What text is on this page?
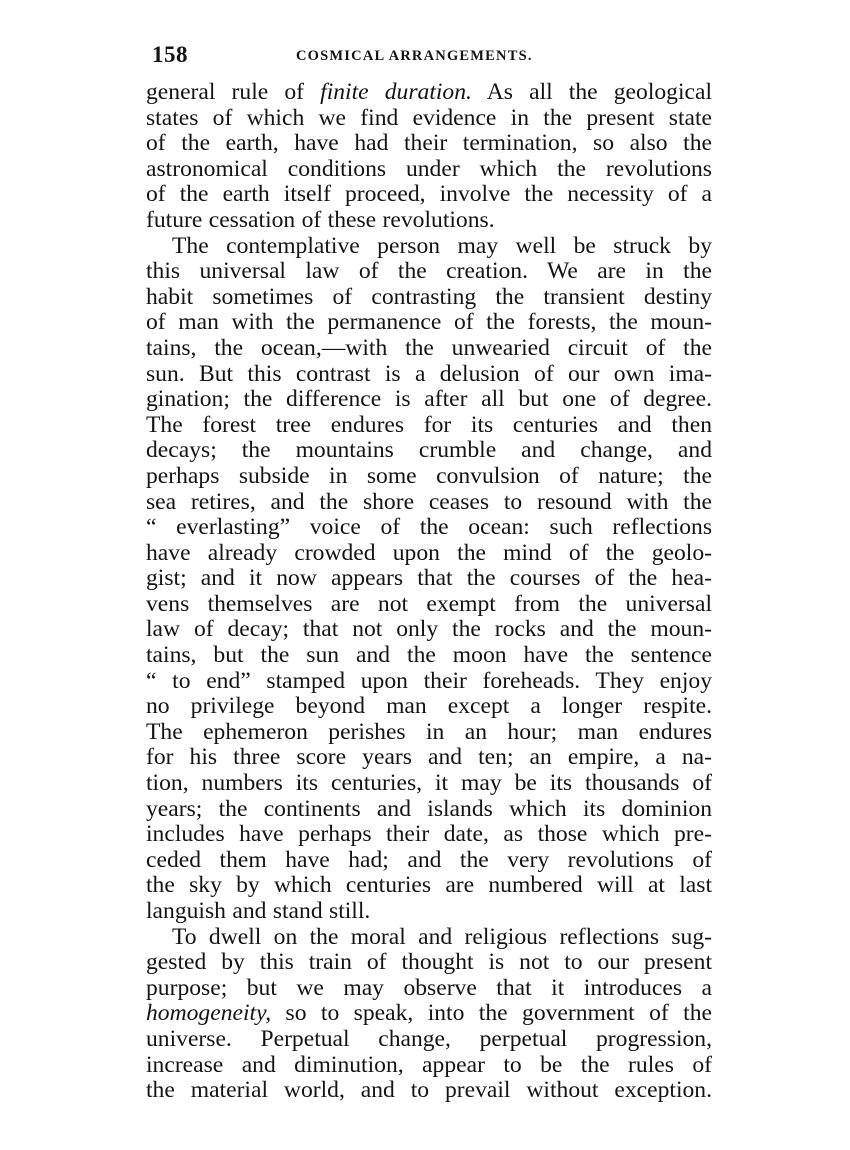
158	COSMICAL ARRANGEMENTS.
general rule of finite duration. As all the geological
states of which we find evidence in the present state
of the earth, have had their termination, so also the
astronomical conditions under which the revolutions
of the earth itself proceed, involve the necessity of a
future cessation of these revolutions.
The contemplative person may well be struck by
this universal law of the creation. We are in the
habit sometimes of contrasting the transient destiny
of man with the permanence of the forests, the moun-
tains, the ocean,—with the unwearied circuit of the
sun. But this contrast is a delusion of our own ima-
gination; the difference is after all but one of degree.
The forest tree endures for its centuries and then
decays; the mountains crumble and change, and
perhaps subside in some convulsion of nature; the
sea retires, and the shore ceases to resound with the
“ everlasting” voice of the ocean: such reflections
have already crowded upon the mind of the geolo-
gist; and it now appears that the courses of the hea-
vens themselves are not exempt from the universal
law of decay; that not only the rocks and the moun-
tains, but the sun and the moon have the sentence
“ to end” stamped upon their foreheads. They enjoy
no privilege beyond man except a longer respite.
The ephemeron perishes in an hour; man endures
for his three score years and ten; an empire, a na-
tion, numbers its centuries, it may be its thousands of
years; the continents and islands which its dominion
includes have perhaps their date, as those which pre-
ceded them have had; and the very revolutions of
the sky by which centuries are numbered will at last
languish and stand still.
To dwell on the moral and religious reflections sug-
gested by this train of thought is not to our present
purpose; but we may observe that it introduces a
homogeneity, so to speak, into the government of the
universe. Perpetual change, perpetual progression,
increase and diminution, appear to be the rules of
the material world, and to prevail without exception.
